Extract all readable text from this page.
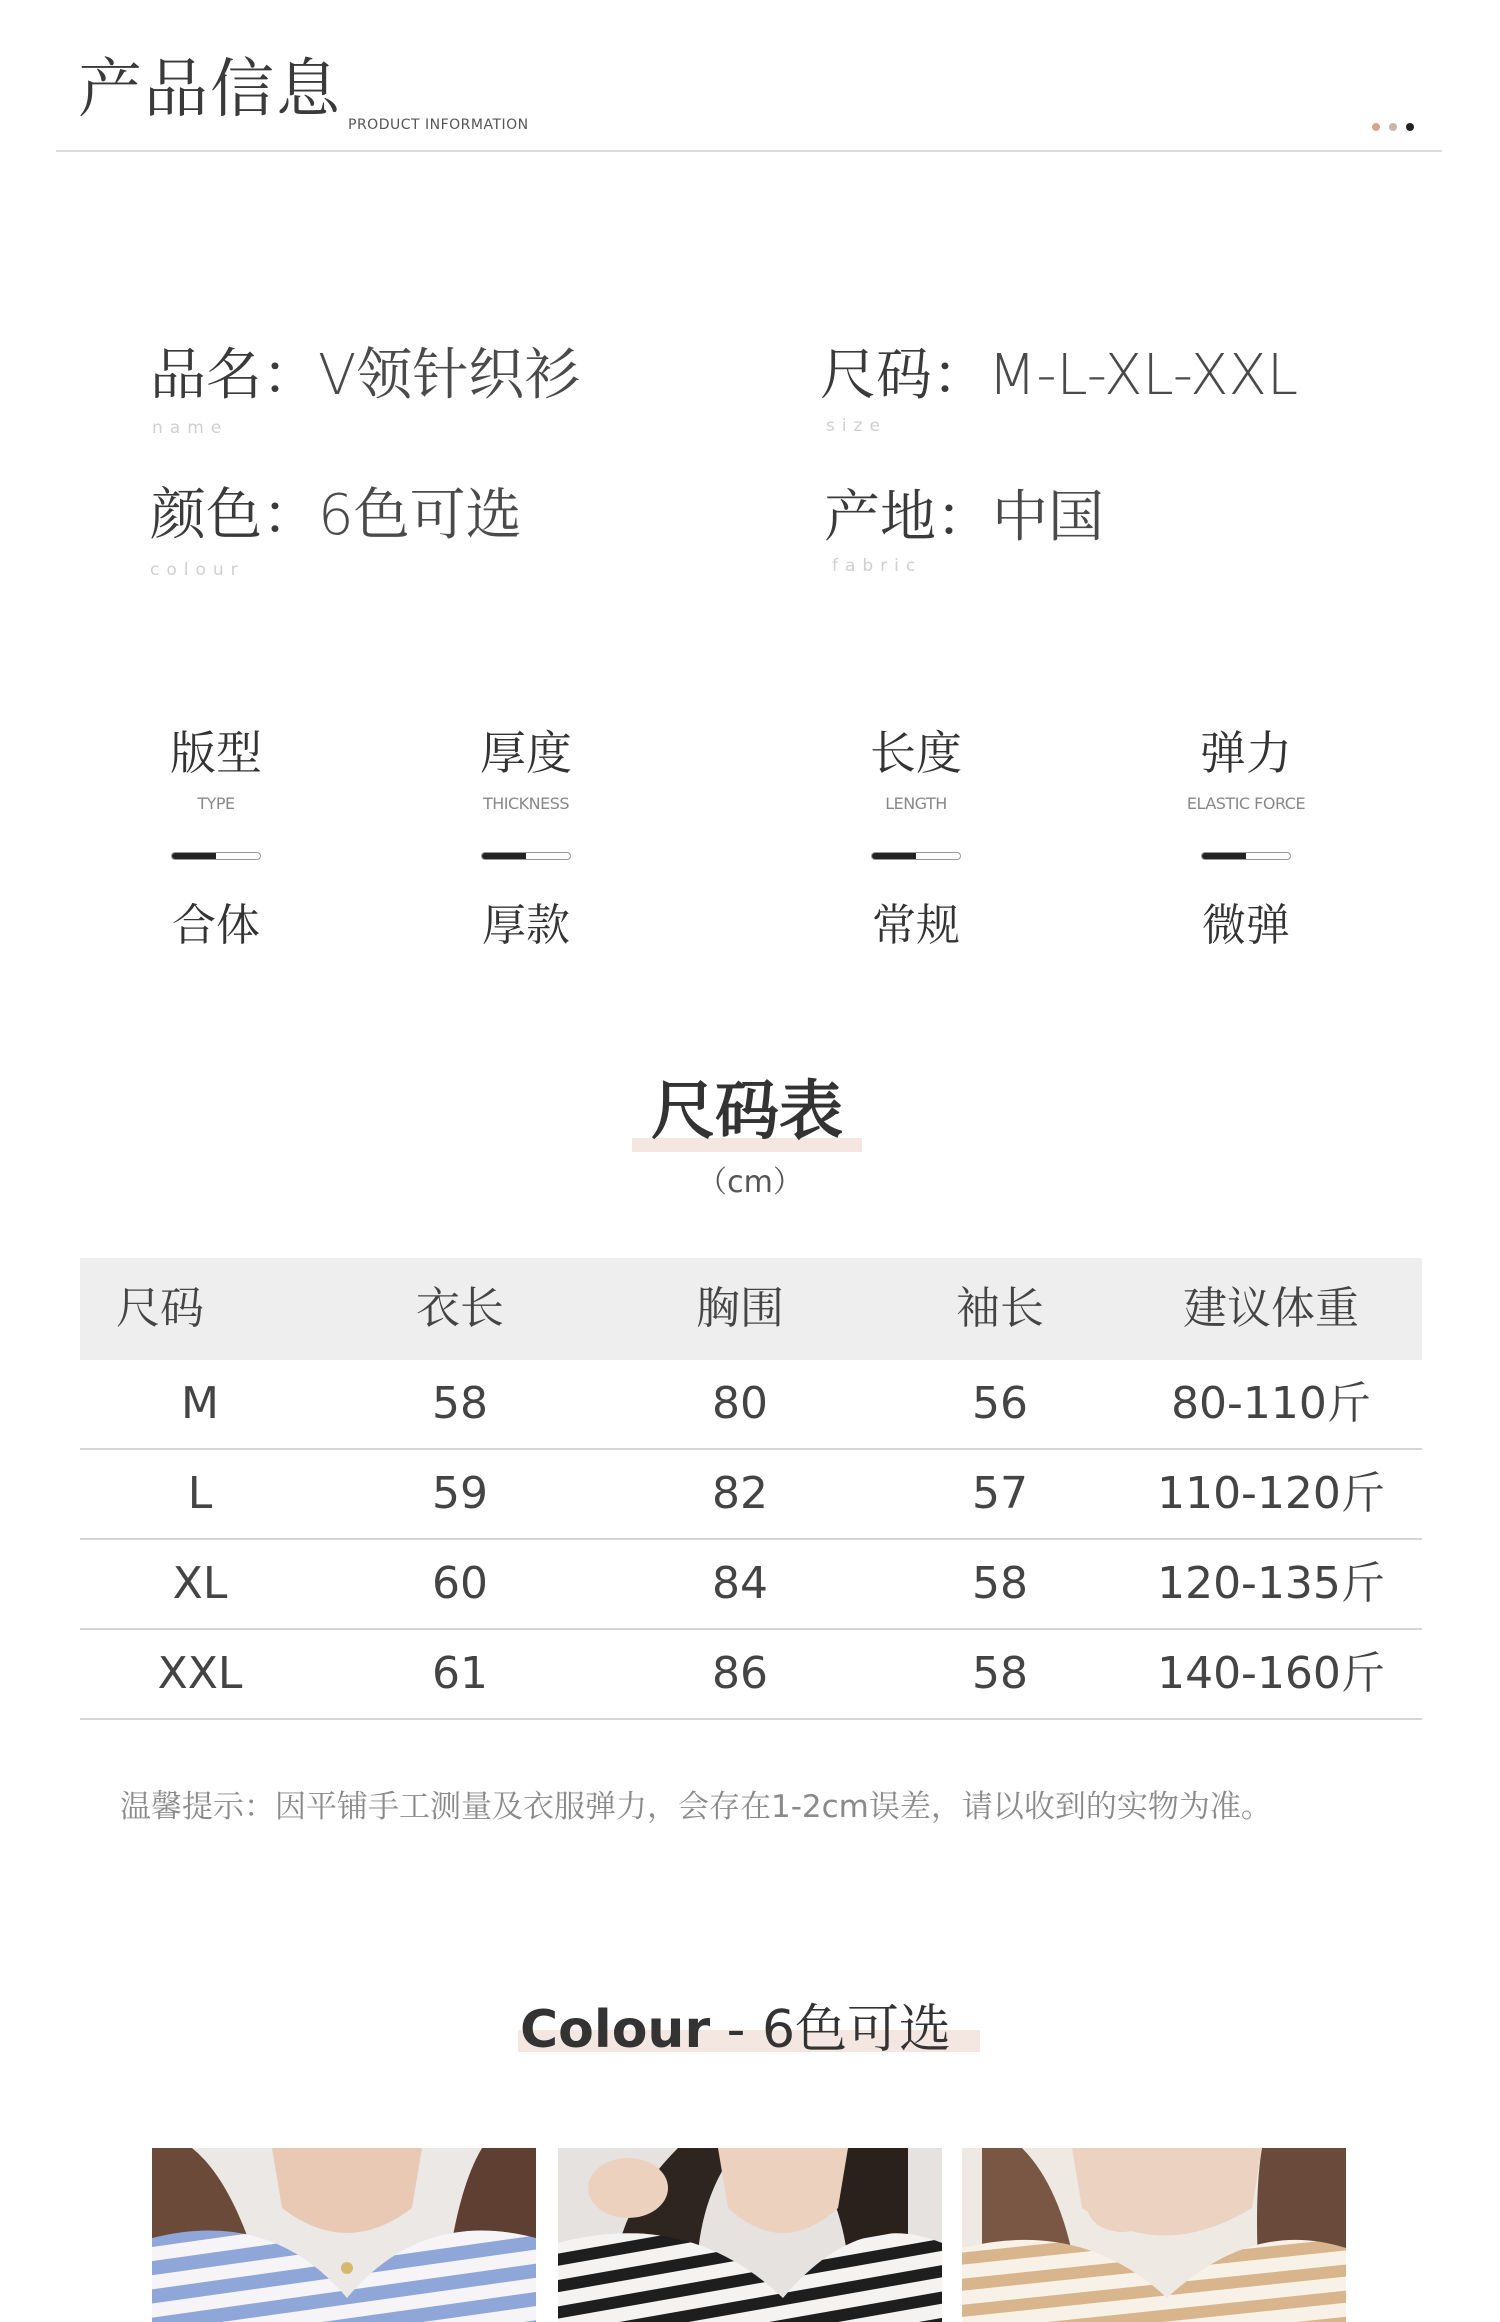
产品信息 PRODUCT INFORMATION
品名：V领针织衫
name
尺码：M-L-XL-XXL
size
颜色：6色可选
colour
产地：中国
fabric
版型
TYPE
合体
厚度
THICKNESS
厚款
长度
LENGTH
常规
弹力
ELASTIC FORCE
微弹
尺码表
（cm）
尺码	衣长	胸围	袖长	建议体重
M	58	80	56	80-110斤
L	59	82	57	110-120斤
XL	60	84	58	120-135斤
XXL	61	86	58	140-160斤
温馨提示：因平铺手工测量及衣服弹力，会存在1-2cm误差，请以收到的实物为准。
Colour - 6色可选
